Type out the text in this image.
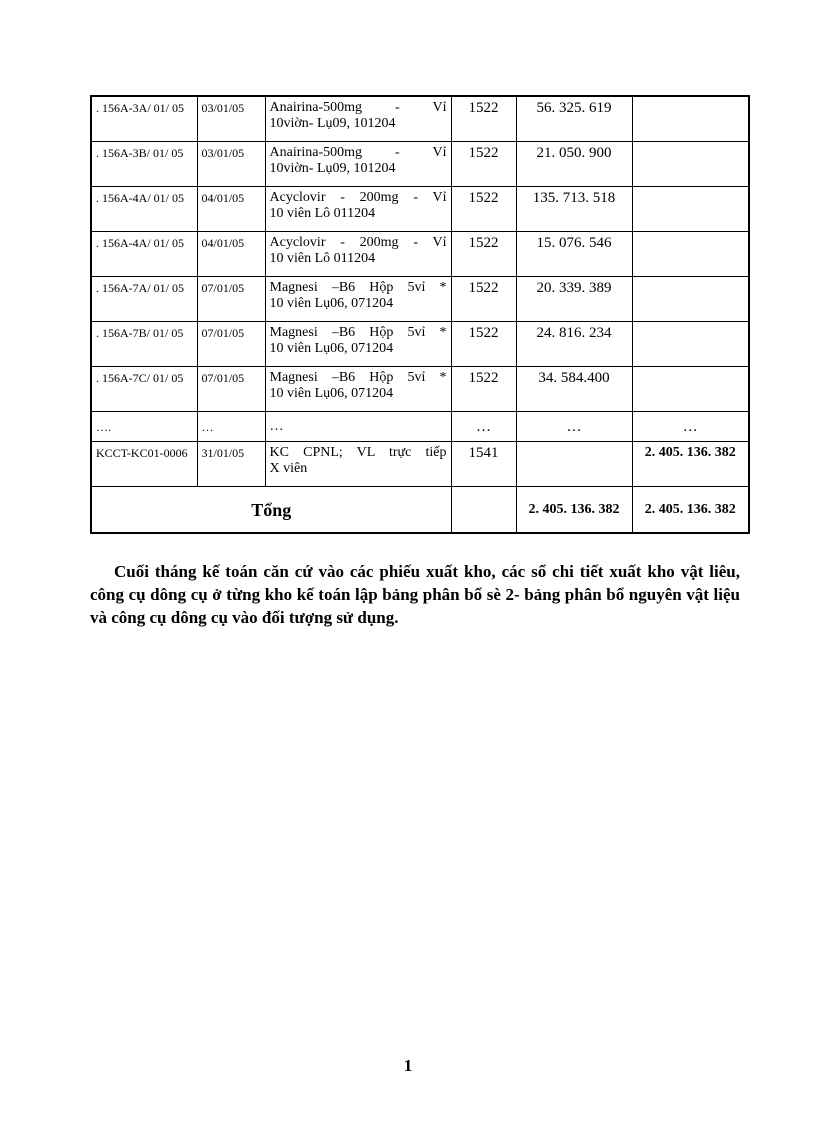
. 156A-3A/ 01/ 05	03/01/05	Anairina-500mg - Vỉ
10viờn- Lụ09, 101204	1522	56. 325. 619	
. 156A-3B/ 01/ 05	03/01/05	Anairina-500mg - Vỉ
10viờn- Lụ09, 101204	1522	21. 050. 900	
. 156A-4A/ 01/ 05	04/01/05	Acyclovir - 200mg - Vỉ
10 viên Lô 011204	1522	135. 713. 518	
. 156A-4A/ 01/ 05	04/01/05	Acyclovir - 200mg - Vỉ
10 viên Lô 011204	1522	15. 076. 546	
. 156A-7A/ 01/ 05	07/01/05	Magnesi –B6 Hộp 5vỉ *
10 viên Lụ06, 071204	1522	20. 339. 389	
. 156A-7B/ 01/ 05	07/01/05	Magnesi –B6 Hộp 5vỉ *
10 viên Lụ06, 071204	1522	24. 816. 234	
. 156A-7C/ 01/ 05	07/01/05	Magnesi –B6 Hộp 5vỉ *
10 viên Lụ06, 071204	1522	34. 584.400	
….	…	…	…	…	…
KCCT-KC01-0006	31/01/05	KC CPNL; VL trực tiếp
X viên	1541		2. 405. 136. 382
Tổng				2. 405. 136. 382	2. 405. 136. 382
Cuối tháng kế toán căn cứ vào các phiếu xuất kho, các sổ chi tiết xuất kho vật liêu, công cụ dông cụ ở từng kho kế toán lập bảng phân bổ sè 2- bảng phân bổ nguyên vật liệu và công cụ dông cụ vào đối tượng sử dụng.
1
